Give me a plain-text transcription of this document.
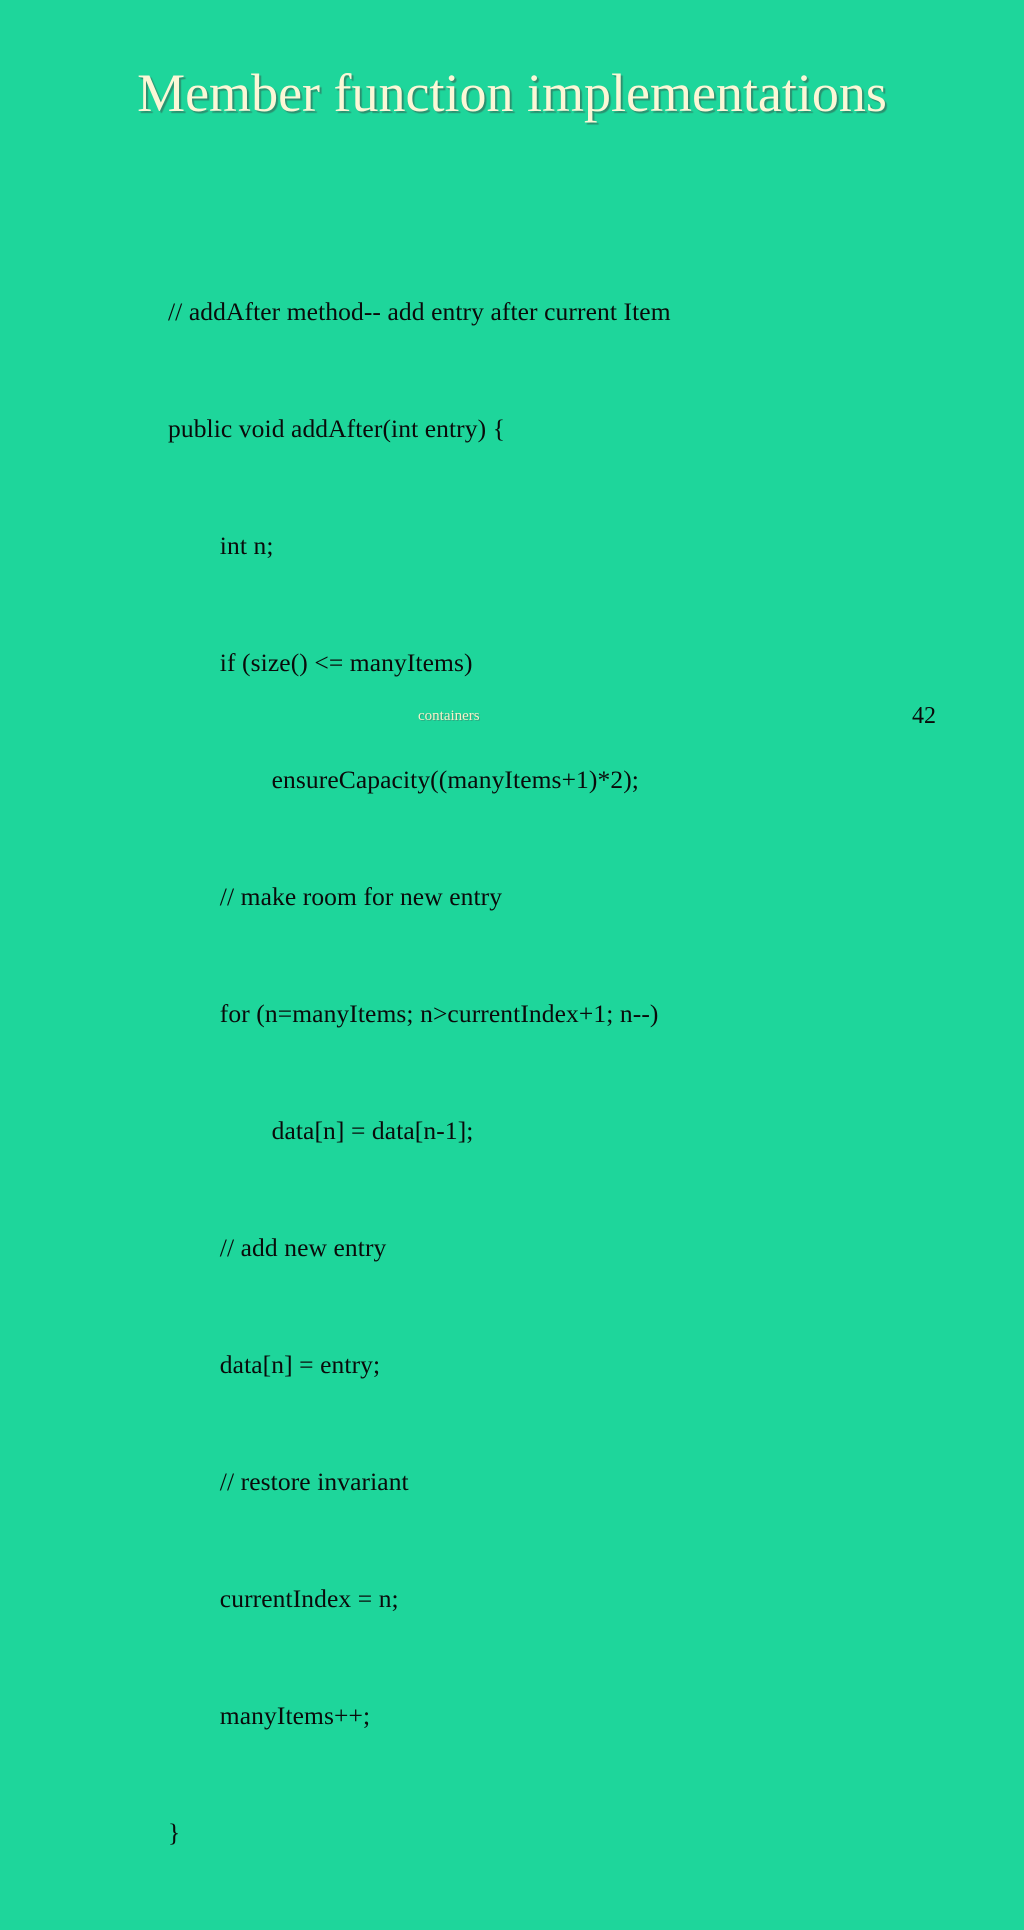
Member function implementations

// addAfter method-- add entry after current Item

public void addAfter(int entry) {

int n;

if (size() <= manyItems)

ensureCapacity((manyItems+1)*2);

// make room for new entry

for (n=manyItems; n>currentIndex+1; n--)

data[n] = data[n-1];

// add new entry

data[n] = entry;

// restore invariant

currentIndex = n;

manyItems++;

}

containers	42
